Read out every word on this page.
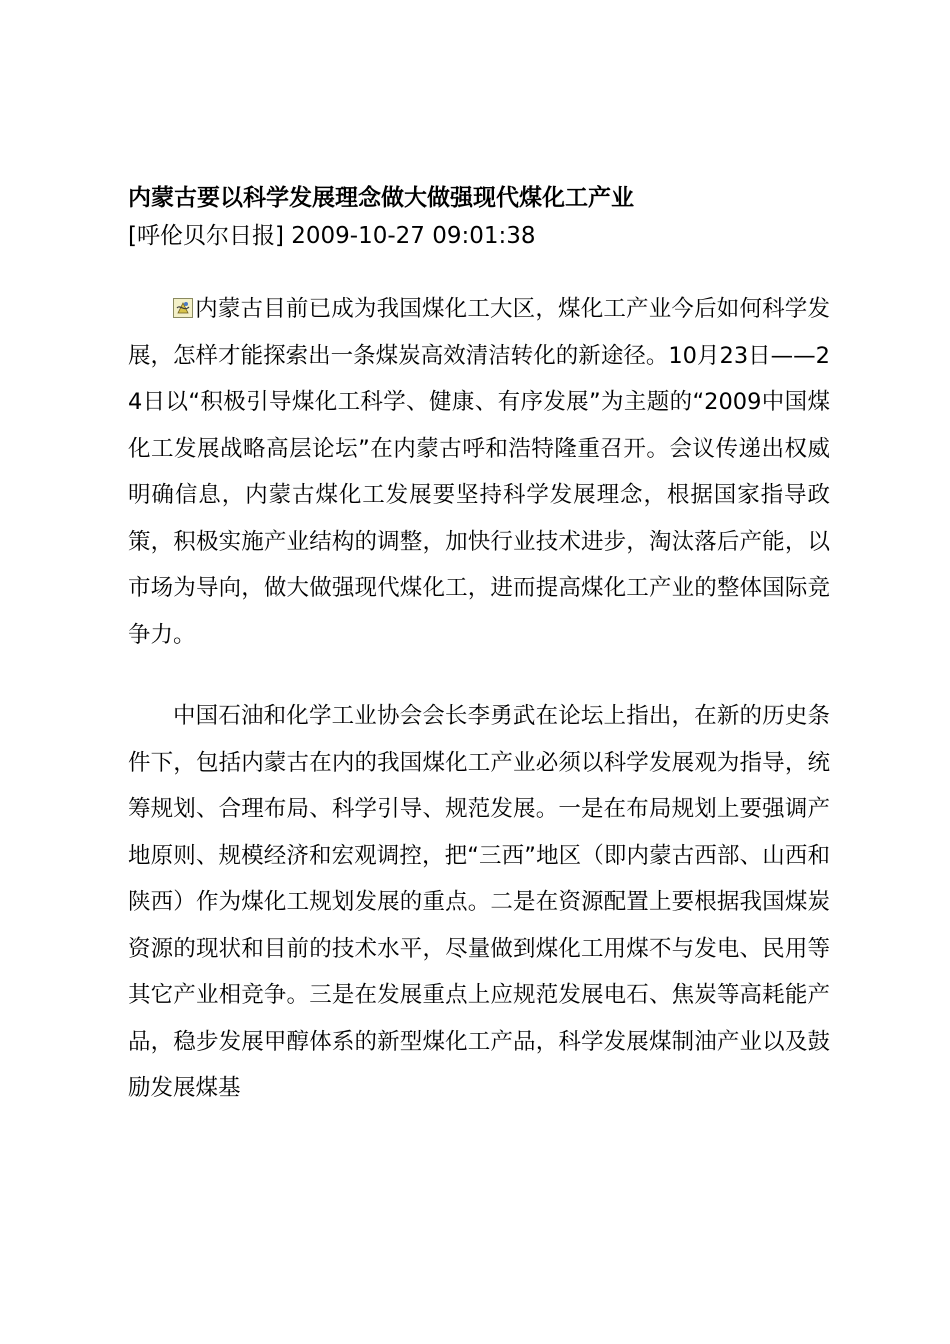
内蒙古要以科学发展理念做大做强现代煤化工产业
[呼伦贝尔日报] 2009-10-27 09:01:38

内蒙古目前已成为我国煤化工大区，煤化工产业今后如何科学发展，怎样才能探索出一条煤炭高效清洁转化的新途径。10月23日——24日以“积极引导煤化工科学、健康、有序发展”为主题的“2009中国煤化工发展战略高层论坛”在内蒙古呼和浩特隆重召开。会议传递出权威明确信息，内蒙古煤化工发展要坚持科学发展理念，根据国家指导政策，积极实施产业结构的调整，加快行业技术进步，淘汰落后产能，以市场为导向，做大做强现代煤化工，进而提高煤化工产业的整体国际竞争力。

中国石油和化学工业协会会长李勇武在论坛上指出，在新的历史条件下，包括内蒙古在内的我国煤化工产业必须以科学发展观为指导，统筹规划、合理布局、科学引导、规范发展。一是在布局规划上要强调产地原则、规模经济和宏观调控，把“三西”地区（即内蒙古西部、山西和陕西）作为煤化工规划发展的重点。二是在资源配置上要根据我国煤炭资源的现状和目前的技术水平，尽量做到煤化工用煤不与发电、民用等其它产业相竞争。三是在发展重点上应规范发展电石、焦炭等高耗能产品，稳步发展甲醇体系的新型煤化工产品，科学发展煤制油产业以及鼓励发展煤基
